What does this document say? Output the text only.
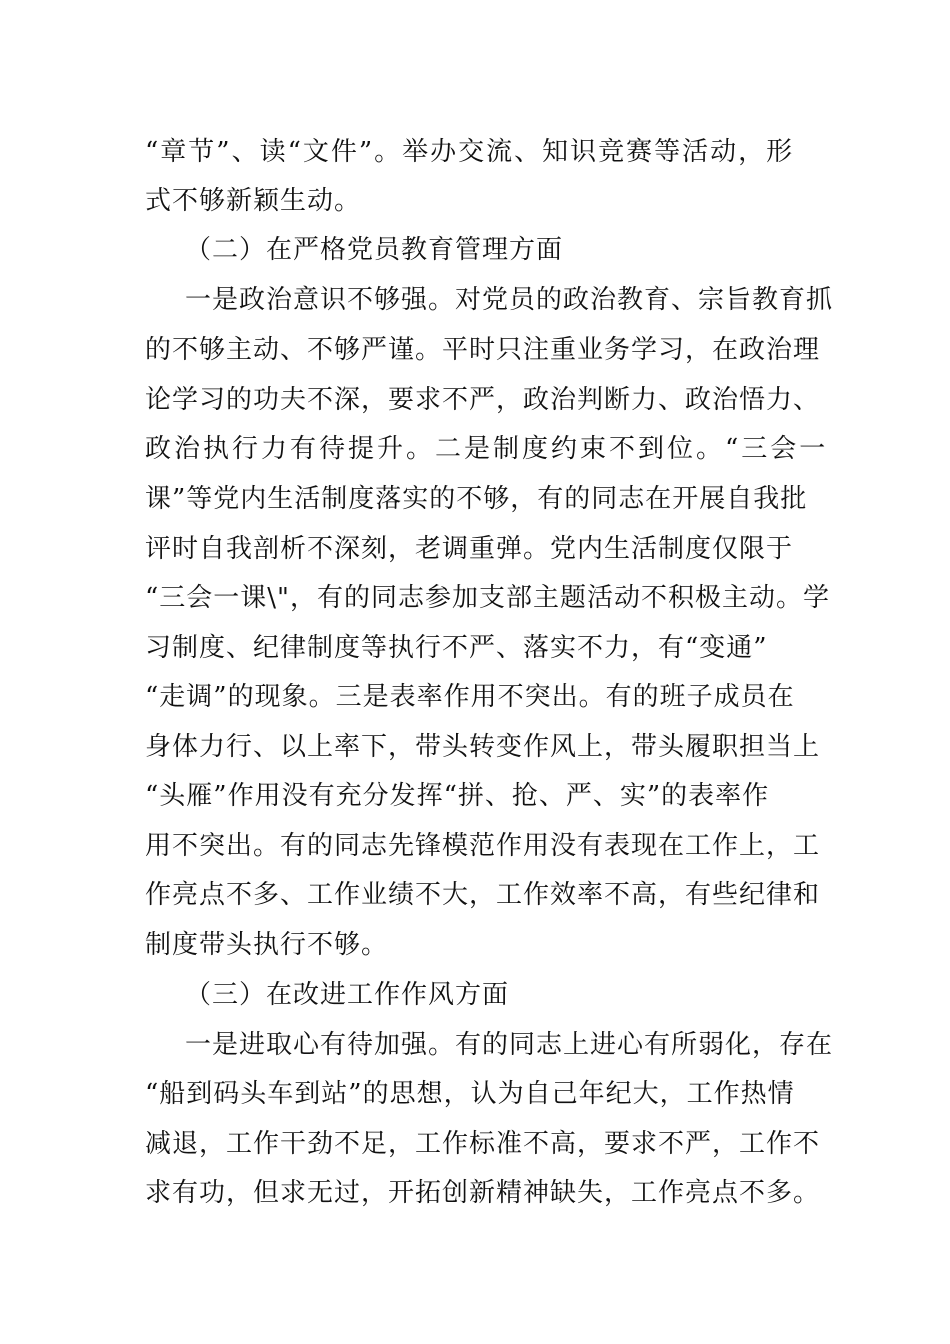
“章节”、读“文件”。举办交流、知识竞赛等活动，形
式不够新颖生动。
（二）在严格党员教育管理方面
一是政治意识不够强。对党员的政治教育、宗旨教育抓
的不够主动、不够严谨。平时只注重业务学习，在政治理
论学习的功夫不深，要求不严，政治判断力、政治悟力、
政治执行力有待提升。二是制度约束不到位。“三会一
课”等党内生活制度落实的不够，有的同志在开展自我批
评时自我剖析不深刻，老调重弹。党内生活制度仅限于
“三会一课\"，有的同志参加支部主题活动不积极主动。学
习制度、纪律制度等执行不严、落实不力，有“变通”
“走调”的现象。三是表率作用不突出。有的班子成员在
身体力行、以上率下，带头转变作风上，带头履职担当上
“头雁”作用没有充分发挥“拼、抢、严、实”的表率作
用不突出。有的同志先锋模范作用没有表现在工作上，工
作亮点不多、工作业绩不大，工作效率不高，有些纪律和
制度带头执行不够。
（三）在改进工作作风方面
一是进取心有待加强。有的同志上进心有所弱化，存在
“船到码头车到站”的思想，认为自己年纪大，工作热情
减退，工作干劲不足，工作标准不高，要求不严，工作不
求有功，但求无过，开拓创新精神缺失，工作亮点不多。
